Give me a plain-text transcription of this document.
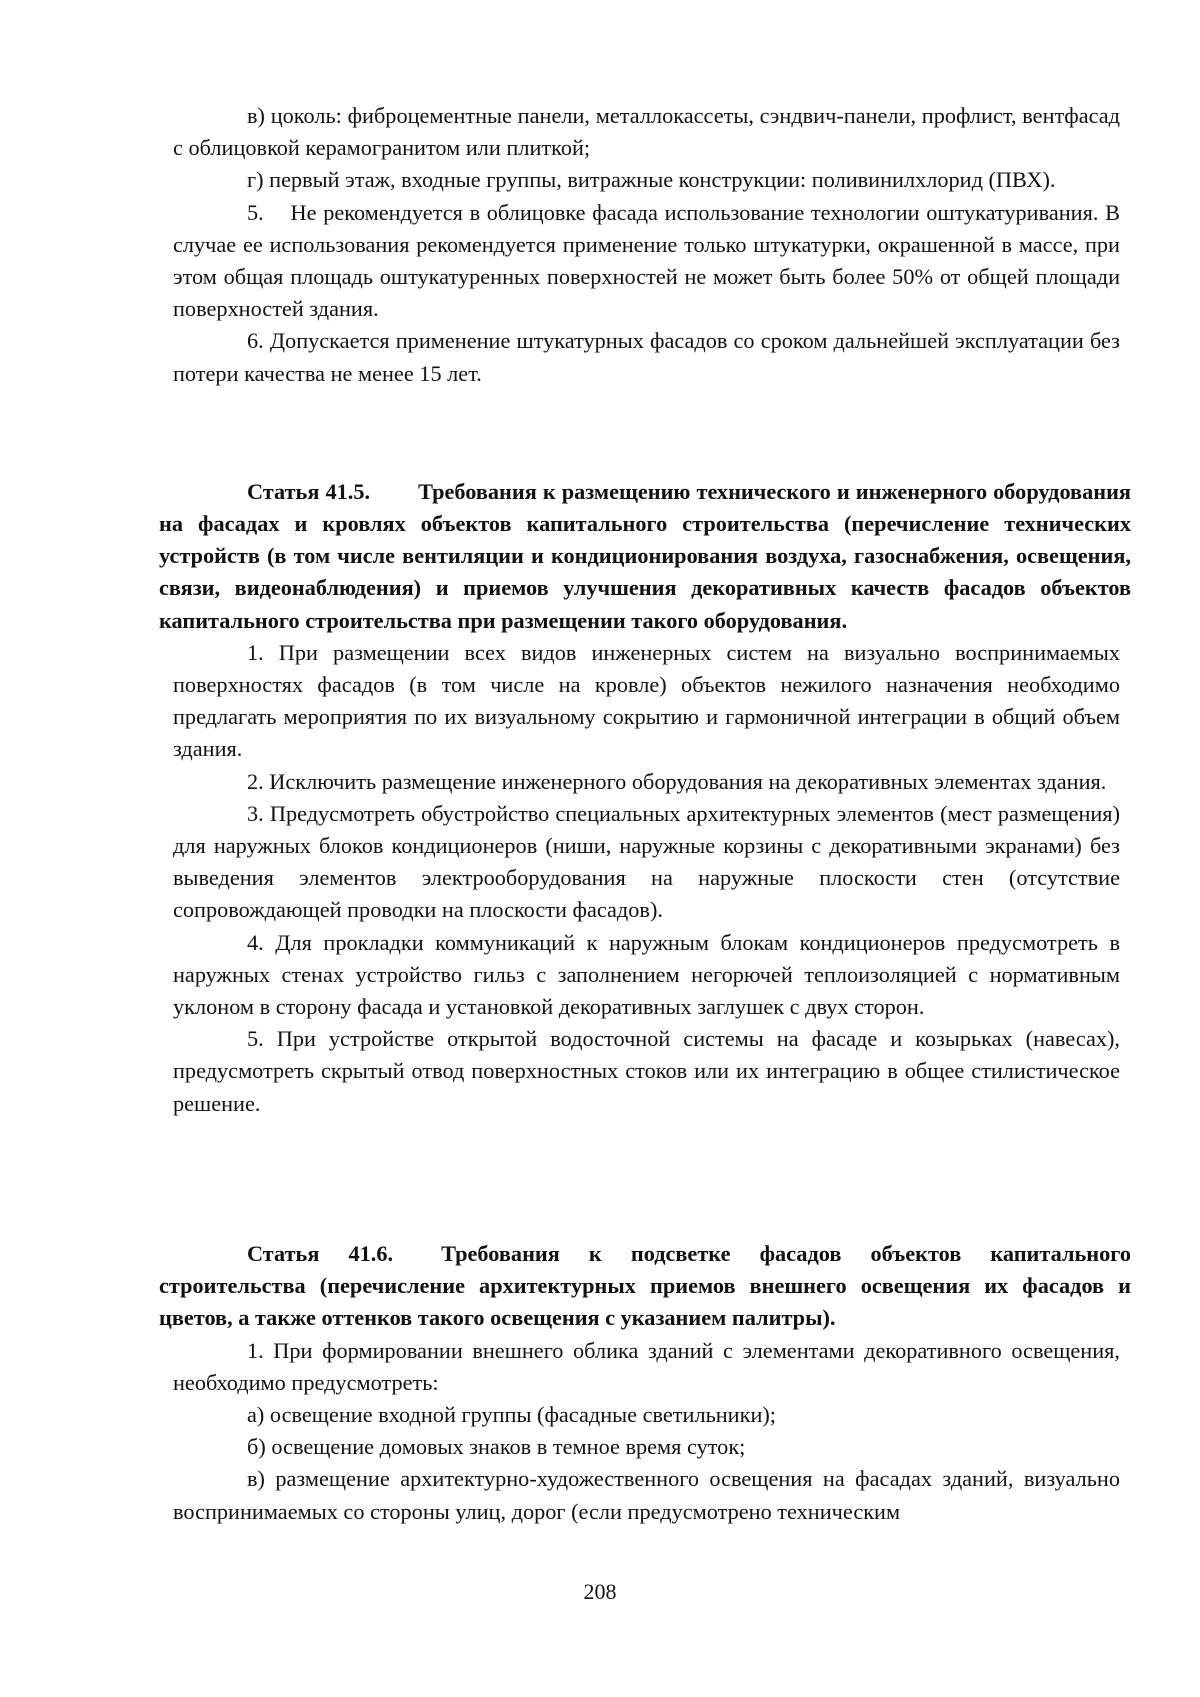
в) цоколь: фиброцементные панели, металлокассеты, сэндвич-панели, профлист, вентфасад с облицовкой керамогранитом или плиткой;

г) первый этаж, входные группы, витражные конструкции: поливинилхлорид (ПВХ).

5.    Не рекомендуется в облицовке фасада использование технологии оштукатуривания. В случае ее использования рекомендуется применение только штукатурки, окрашенной в массе, при этом общая площадь оштукатуренных поверхностей не может быть более 50% от общей площади поверхностей здания.

6. Допускается применение штукатурных фасадов со сроком дальнейшей эксплуатации без потери качества не менее 15 лет.

Статья 41.5. Требования к размещению технического и инженерного оборудования на фасадах и кровлях объектов капитального строительства (перечисление технических устройств (в том числе вентиляции и кондиционирования воздуха, газоснабжения, освещения, связи, видеонаблюдения) и приемов улучшения декоративных качеств фасадов объектов капитального строительства при размещении такого оборудования.

1. При размещении всех видов инженерных систем на визуально воспринимаемых поверхностях фасадов (в том числе на кровле) объектов нежилого назначения необходимо предлагать мероприятия по их визуальному сокрытию и гармоничной интеграции в общий объем здания.

2. Исключить размещение инженерного оборудования на декоративных элементах здания.

3. Предусмотреть обустройство специальных архитектурных элементов (мест размещения) для наружных блоков кондиционеров (ниши, наружные корзины с декоративными экранами) без выведения элементов электрооборудования на наружные плоскости стен (отсутствие сопровождающей проводки на плоскости фасадов).

4. Для прокладки коммуникаций к наружным блокам кондиционеров предусмотреть в наружных стенах устройство гильз с заполнением негорючей теплоизоляцией с нормативным уклоном в сторону фасада и установкой декоративных заглушек с двух сторон.

5. При устройстве открытой водосточной системы на фасаде и козырьках (навесах), предусмотреть скрытый отвод поверхностных стоков или их интеграцию в общее стилистическое решение.

Статья 41.6. Требования к подсветке фасадов объектов капитального строительства (перечисление архитектурных приемов внешнего освещения их фасадов и цветов, а также оттенков такого освещения с указанием палитры).

1. При формировании внешнего облика зданий с элементами декоративного освещения, необходимо предусмотреть:

а) освещение входной группы (фасадные светильники);

б) освещение домовых знаков в темное время суток;

в) размещение архитектурно-художественного освещения на фасадах зданий, визуально воспринимаемых со стороны улиц, дорог (если предусмотрено техническим

208
